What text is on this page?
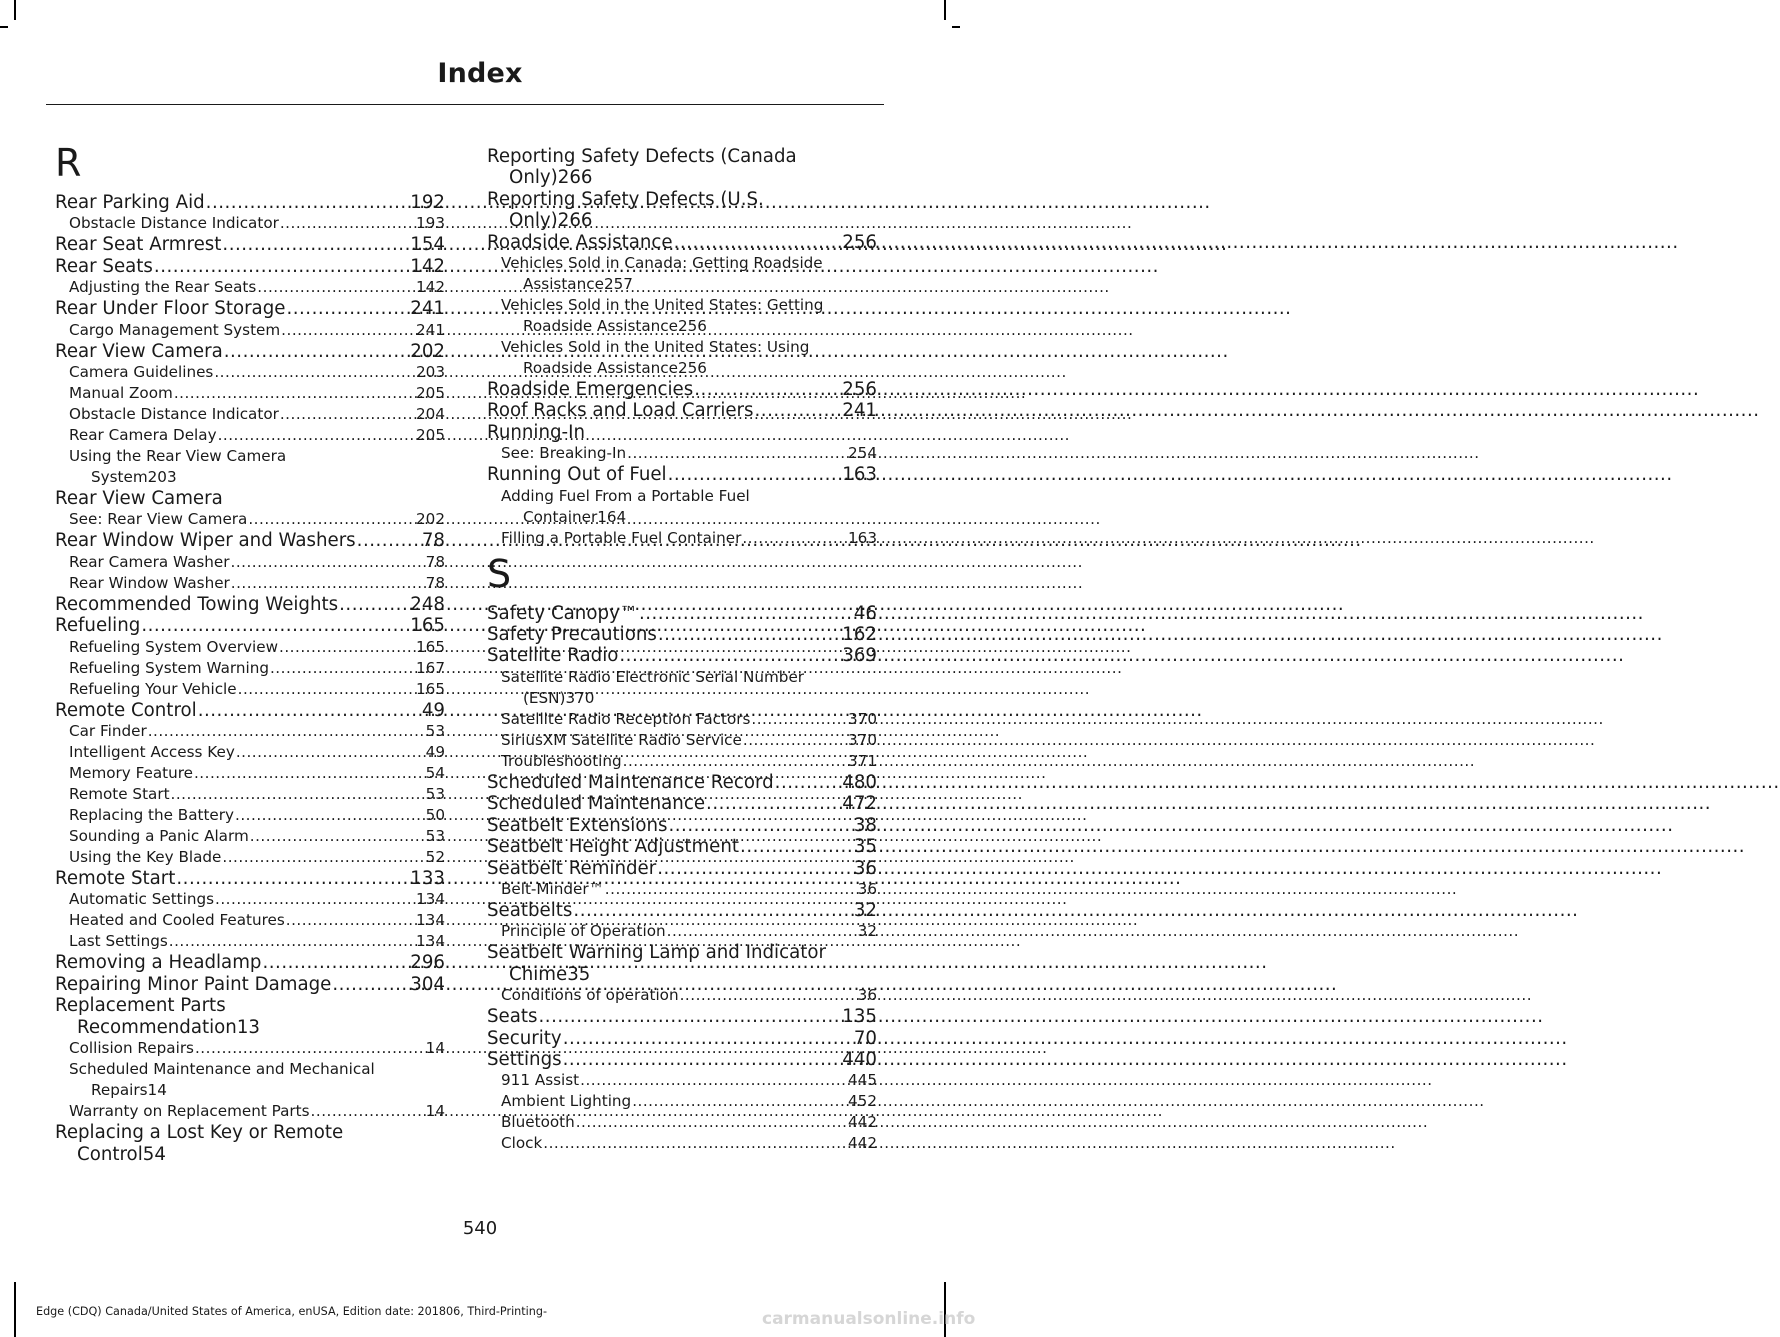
Index
R
Rear Parking Aid .....	192
Obstacle Distance Indicator .....	193
Rear Seat Armrest .....	154
Rear Seats .....	142
Adjusting the Rear Seats .....	142
Rear Under Floor Storage .....	241
Cargo Management System .....	241
Rear View Camera .....	202
Camera Guidelines .....	203
Manual Zoom .....	205
Obstacle Distance Indicator .....	204
Rear Camera Delay .....	205
Using the Rear View Camera
System 203
Rear View Camera
See: Rear View Camera .....	202
Rear Window Wiper and Washers .....	78
Rear Camera Washer .....	78
Rear Window Washer .....	78
Recommended Towing Weights .....	248
Refueling .....	165
Refueling System Overview .....	165
Refueling System Warning .....	167
Refueling Your Vehicle .....	165
Remote Control .....	49
Car Finder .....	53
Intelligent Access Key .....	49
Memory Feature .....	54
Remote Start .....	53
Replacing the Battery .....	50
Sounding a Panic Alarm .....	53
Using the Key Blade .....	52
Remote Start .....	133
Automatic Settings .....	134
Heated and Cooled Features .....	134
Last Settings .....	134
Removing a Headlamp .....	296
Repairing Minor Paint Damage .....	304
Replacement Parts
Recommendation 13
Collision Repairs .....	14
Scheduled Maintenance and Mechanical
Repairs 14
Warranty on Replacement Parts .....	14
Replacing a Lost Key or Remote
Control 54
Reporting Safety Defects (Canada
Only) 266
Reporting Safety Defects (U.S.
Only) 266
Roadside Assistance .....	256
Vehicles Sold in Canada: Getting Roadside
Assistance 257
Vehicles Sold in the United States: Getting
Roadside Assistance 256
Vehicles Sold in the United States: Using
Roadside Assistance 256
Roadside Emergencies .....	256
Roof Racks and Load Carriers .....	241
Running-In
See: Breaking-In .....	254
Running Out of Fuel .....	163
Adding Fuel From a Portable Fuel
Container 164
Filling a Portable Fuel Container .....	163
S
Safety Canopy™ .....	46
Safety Precautions .....	162
Satellite Radio .....	369
Satellite Radio Electronic Serial Number
(ESN) 370
Satellite Radio Reception Factors .....	370
SiriusXM Satellite Radio Service .....	370
Troubleshooting .....	371
Scheduled Maintenance Record .....	480
Scheduled Maintenance .....	472
Seatbelt Extensions .....	38
Seatbelt Height Adjustment .....	35
Seatbelt Reminder .....	36
Belt-Minder™ .....	36
Seatbelts .....	32
Principle of Operation .....	32
Seatbelt Warning Lamp and Indicator
Chime 35
Conditions of operation .....	36
Seats .....	135
Security .....	70
Settings .....	440
911 Assist .....	445
Ambient Lighting .....	452
Bluetooth .....	442
Clock .....	442
540
Edge (CDQ) Canada/United States of America, enUSA, Edition date: 201806, Third-Printing-	carmanualsonline.info
